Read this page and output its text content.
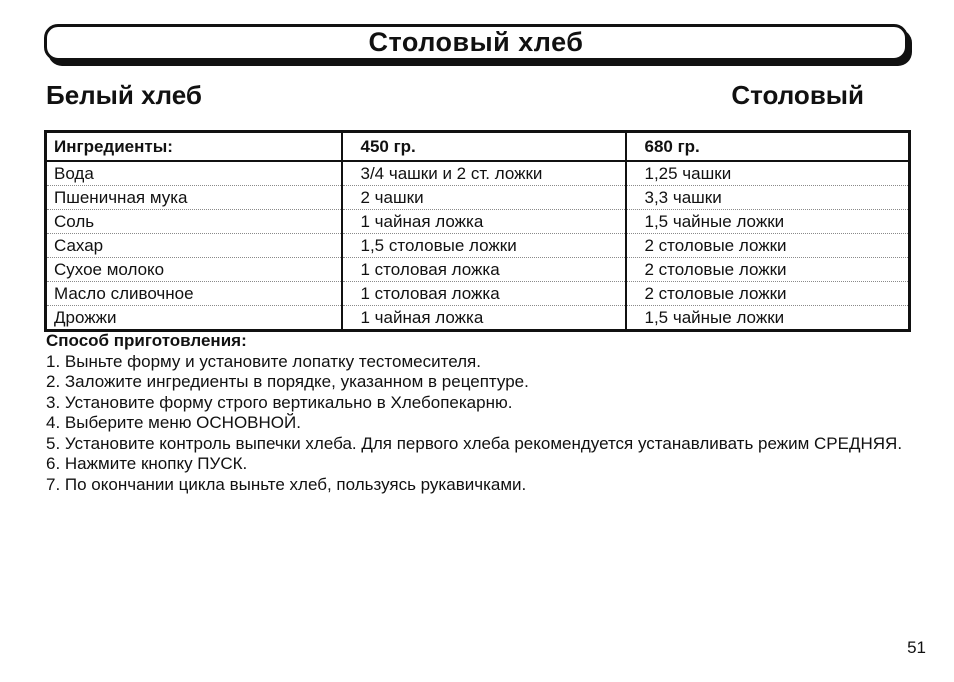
Столовый хлеб
Белый хлеб	Столовый
Ингредиенты:	450 гр.	680 гр.
Вода	3/4 чашки и 2 ст. ложки	1,25 чашки
Пшеничная мука	2 чашки	3,3 чашки
Соль	1 чайная ложка	1,5 чайные ложки
Сахар	1,5 столовые ложки	2 столовые ложки
Сухое молоко	1 столовая ложка	2 столовые ложки
Масло сливочное	1 столовая ложка	2 столовые ложки
Дрожжи	1 чайная ложка	1,5 чайные ложки
Способ приготовления:
1. Выньте форму и установите лопатку тестомесителя.
2. Заложите ингредиенты в порядке, указанном в рецептуре.
3. Установите форму строго вертикально в Хлебопекарню.
4. Выберите меню ОСНОВНОЙ.
5. Установите контроль выпечки хлеба. Для первого хлеба рекомендуется устанавливать режим СРЕДНЯЯ.
6. Нажмите кнопку ПУСК.
7. По окончании цикла выньте хлеб, пользуясь рукавичками.
51
